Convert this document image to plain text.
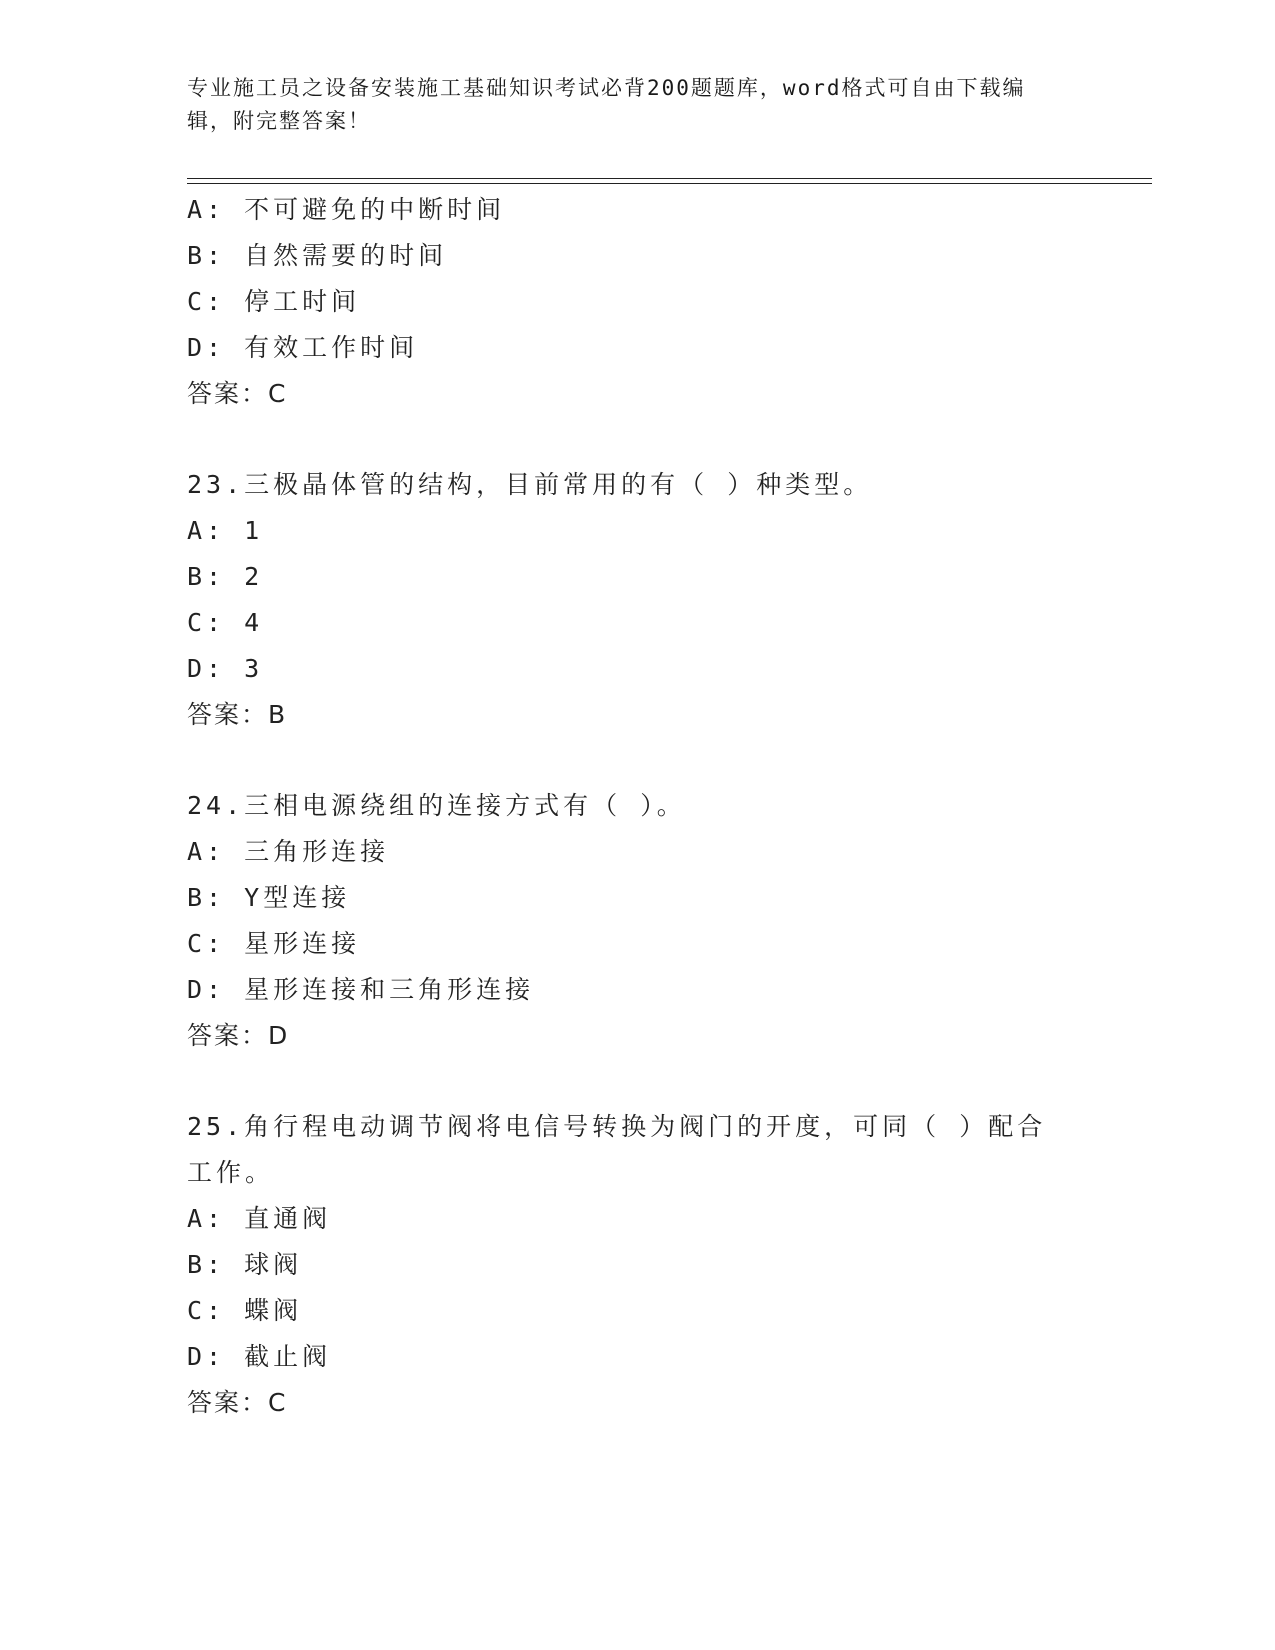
专业施工员之设备安装施工基础知识考试必背200题题库，word格式可自由下载编辑，附完整答案！
A: 不可避免的中断时间
B: 自然需要的时间
C: 停工时间
D: 有效工作时间
答案：C
23.三极晶体管的结构，目前常用的有（ ）种类型。
A: 1
B: 2
C: 4
D: 3
答案：B
24.三相电源绕组的连接方式有（ ）。
A: 三角形连接
B: Y型连接
C: 星形连接
D: 星形连接和三角形连接
答案：D
25.角行程电动调节阀将电信号转换为阀门的开度，可同（ ）配合工作。
A: 直通阀
B: 球阀
C: 蝶阀
D: 截止阀
答案：C
